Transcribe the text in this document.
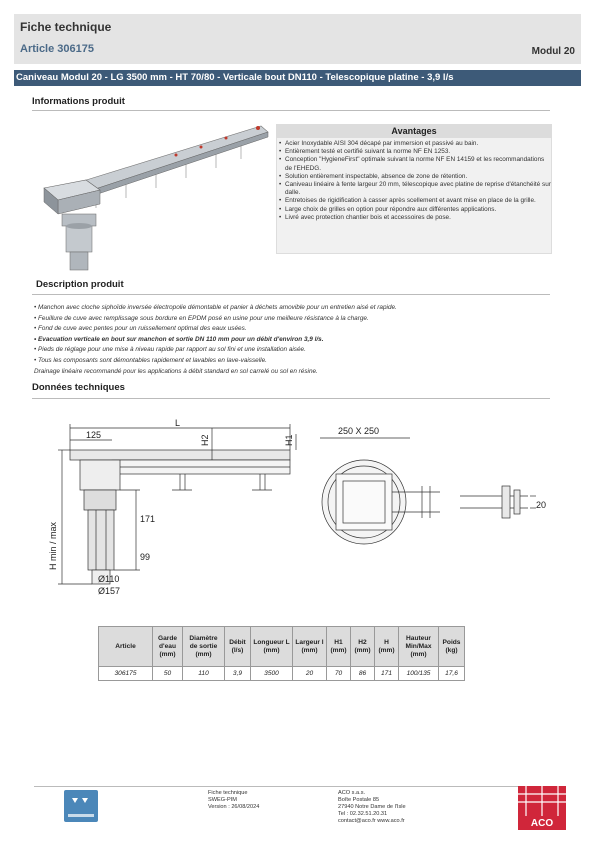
Fiche technique
Article 306175	Modul 20
Caniveau Modul 20 - LG 3500 mm - HT 70/80 - Verticale bout DN110 - Telescopique platine - 3,9 l/s
Informations produit
Avantages
• Acier Inoxydable AISI 304 décapé par immersion et passivé au bain.
• Entièrement testé et certifié suivant la norme NF EN 1253.
• Conception "HygieneFirst" optimale suivant la norme NF EN 14159 et les recommandations de l'EHEDG.
• Solution entièrement inspectable, absence de zone de rétention.
• Caniveau linéaire à fente largeur 20 mm, télescopique avec platine de reprise d'étanchéité sur dalle.
• Entretoises de rigidification à casser après scellement et avant mise en place de la grille.
• Large choix de grilles en option pour répondre aux différentes applications.
• Livré avec protection chantier bois et accessoires de pose.
Description produit
• Manchon avec cloche siphoïde inversée électropolie démontable et panier à déchets amovible pour un entretien aisé et rapide.
• Feuillure de cuve avec remplissage sous bordure en EPDM posé en usine pour une meilleure résistance à la charge.
• Fond de cuve avec pentes pour un ruissellement optimal des eaux usées.
• Evacuation verticale en bout sur manchon et sortie DN 110 mm pour un débit d'environ 3,9 l/s.
• Pieds de réglage pour une mise à niveau rapide par rapport au sol fini et une installation aisée.
• Tous les composants sont démontables rapidement et lavables en lave-vaisselle.
Drainage linéaire recommandé pour les applications à débit standard en sol carrelé ou sol en résine.
Données techniques
L
125	H2	H1
H min / max
171
99
Ø110
Ø157
250 X 250
20
Article	Garde d'eau (mm)	Diamètre de sortie (mm)	Débit (l/s)	Longueur L (mm)	Largeur l (mm)	H1 (mm)	H2 (mm)	H (mm)	Hauteur Min/Max (mm)	Poids (kg)
306175	50	110	3,9	3500	20	70	86	171	100/135	17,6
Fiche technique
SWEG-PIM
Version : 26/08/2024
ACO s.a.s.
Boîte Postale 85
27940 Notre Dame de l'Isle
Tel : 02.32.51.20.31
contact@aco.fr www.aco.fr	ACO
